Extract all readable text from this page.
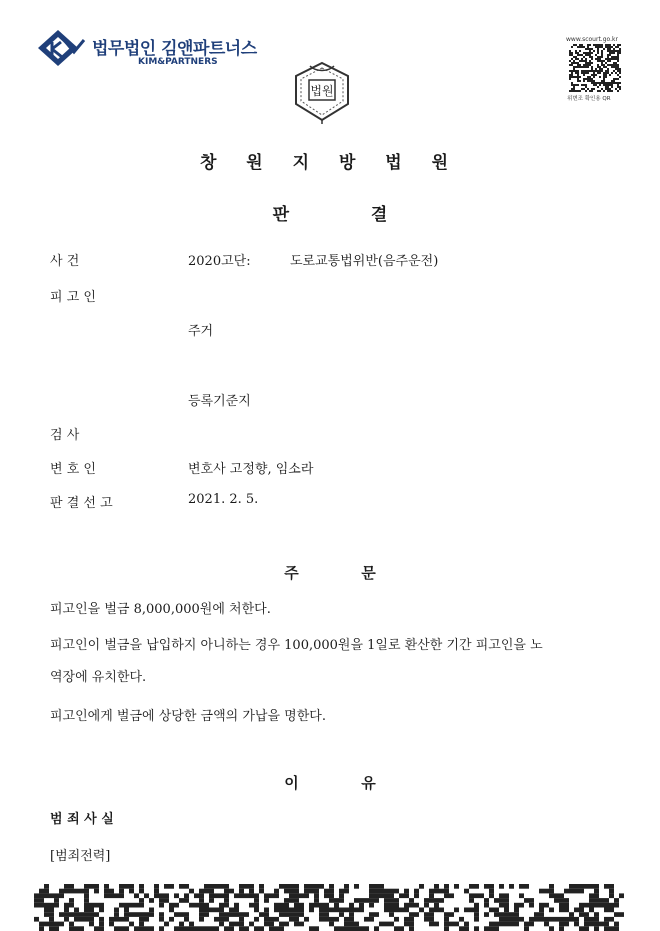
법무법인 김앤파트너스
KIM&PARTNERS
법원
www.scourt.go.kr
위변조 확인용 QR
창 원 지 방 법 원
판	결
사 건	2020고단:	도로교통법위반(음주운전)
피 고 인
주거
등록기준지
검 사
변 호 인	변호사 고정향, 임소라
판 결 선 고	2021. 2. 5.
주	문
피고인을 벌금 8,000,000원에 처한다.
피고인이 벌금을 납입하지 아니하는 경우 100,000원을 1일로 환산한 기간 피고인을 노
역장에 유치한다.
피고인에게 벌금에 상당한 금액의 가납을 명한다.
이	유
범 죄 사 실
[범죄전력]
